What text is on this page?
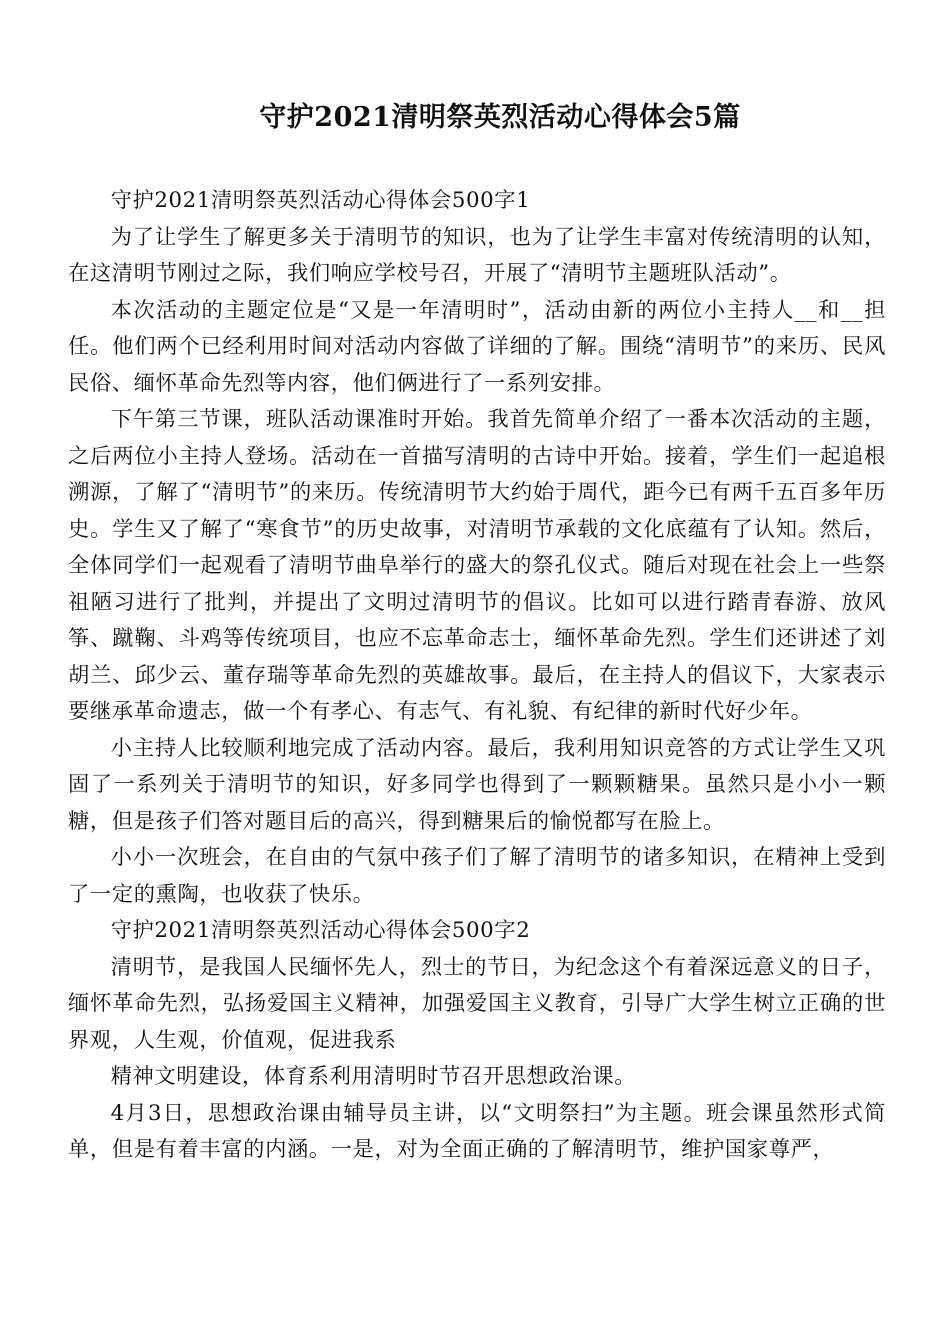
守护2021清明祭英烈活动心得体会5篇

守护2021清明祭英烈活动心得体会500字1

为了让学生了解更多关于清明节的知识，也为了让学生丰富对传统清明的认知，在这清明节刚过之际，我们响应学校号召，开展了“清明节主题班队活动”。

本次活动的主题定位是“又是一年清明时”，活动由新的两位小主持人__和__担任。他们两个已经利用时间对活动内容做了详细的了解。围绕“清明节”的来历、民风民俗、缅怀革命先烈等内容，他们俩进行了一系列安排。

下午第三节课，班队活动课准时开始。我首先简单介绍了一番本次活动的主题，之后两位小主持人登场。活动在一首描写清明的古诗中开始。接着，学生们一起追根溯源，了解了“清明节”的来历。传统清明节大约始于周代，距今已有两千五百多年历史。学生又了解了“寒食节”的历史故事，对清明节承载的文化底蕴有了认知。然后，全体同学们一起观看了清明节曲阜举行的盛大的祭孔仪式。随后对现在社会上一些祭祖陋习进行了批判，并提出了文明过清明节的倡议。比如可以进行踏青春游、放风筝、蹴鞠、斗鸡等传统项目，也应不忘革命志士，缅怀革命先烈。学生们还讲述了刘胡兰、邱少云、董存瑞等革命先烈的英雄故事。最后，在主持人的倡议下，大家表示要继承革命遗志，做一个有孝心、有志气、有礼貌、有纪律的新时代好少年。

小主持人比较顺利地完成了活动内容。最后，我利用知识竞答的方式让学生又巩固了一系列关于清明节的知识，好多同学也得到了一颗颗糖果。虽然只是小小一颗糖，但是孩子们答对题目后的高兴，得到糖果后的愉悦都写在脸上。

小小一次班会，在自由的气氛中孩子们了解了清明节的诸多知识，在精神上受到了一定的熏陶，也收获了快乐。

守护2021清明祭英烈活动心得体会500字2

清明节，是我国人民缅怀先人，烈士的节日，为纪念这个有着深远意义的日子，缅怀革命先烈，弘扬爱国主义精神，加强爱国主义教育，引导广大学生树立正确的世界观，人生观，价值观，促进我系

精神文明建设，体育系利用清明时节召开思想政治课。

4月3日，思想政治课由辅导员主讲，以“文明祭扫”为主题。班会课虽然形式简单，但是有着丰富的内涵。一是，对为全面正确的了解清明节，维护国家尊严，
